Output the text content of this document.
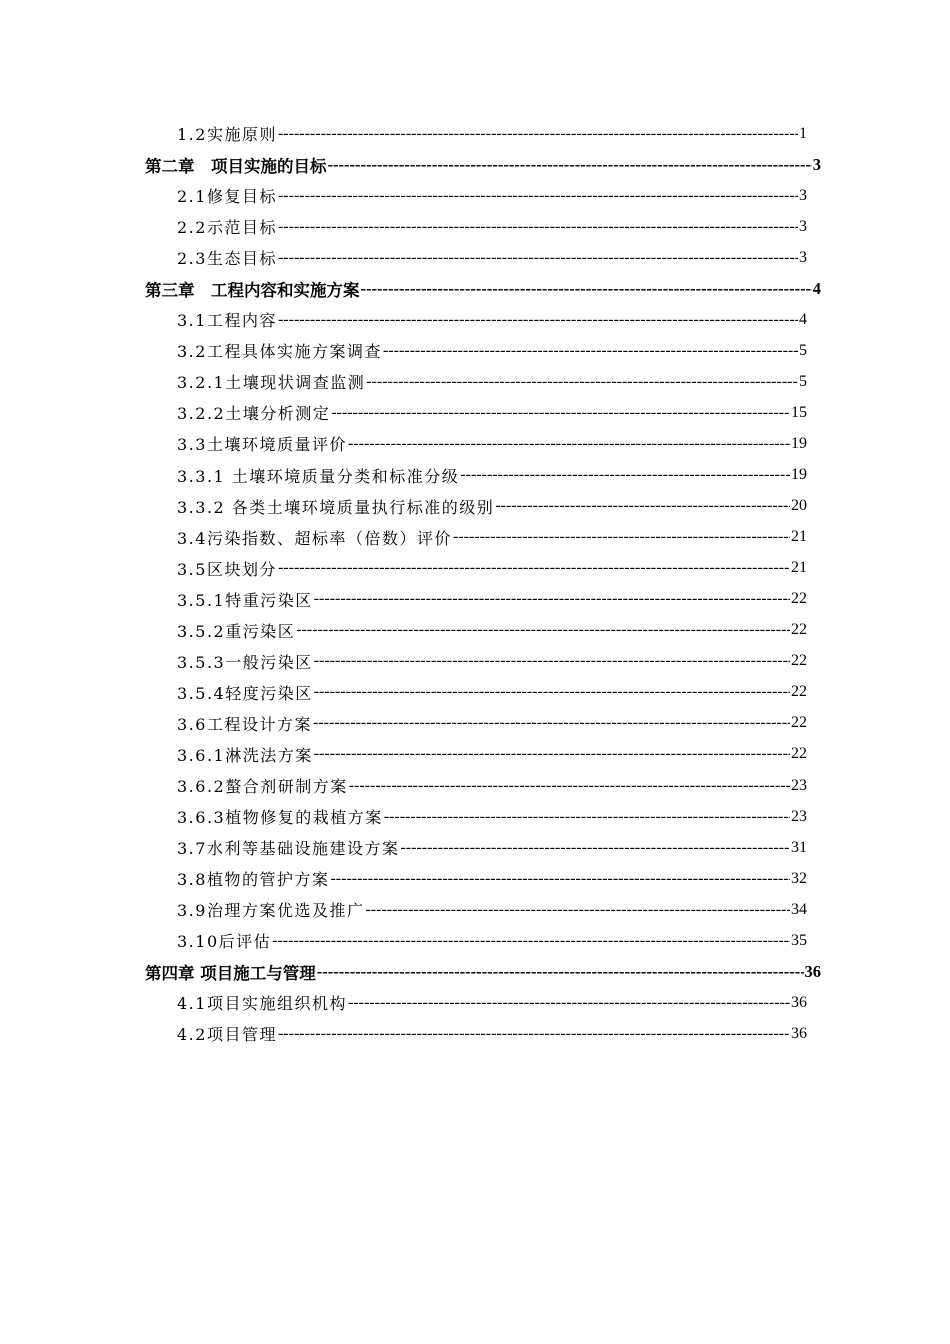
1.2实施原则 -----	1
第二章　项目实施的目标 -----	3
2.1修复目标 -----	3
2.2示范目标 -----	3
2.3生态目标 -----	3
第三章　工程内容和实施方案 -----	4
3.1工程内容 -----	4
3.2工程具体实施方案调查 -----	5
3.2.1土壤现状调查监测 -----	5
3.2.2土壤分析测定 -----	15
3.3土壤环境质量评价 -----	19
3.3.1 土壤环境质量分类和标准分级 -----	19
3.3.2 各类土壤环境质量执行标准的级别 -----	20
3.4污染指数、超标率（倍数）评价 -----	21
3.5区块划分 -----	21
3.5.1特重污染区 -----	22
3.5.2重污染区 -----	22
3.5.3一般污染区 -----	22
3.5.4轻度污染区 -----	22
3.6工程设计方案 -----	22
3.6.1淋洗法方案 -----	22
3.6.2螯合剂研制方案 -----	23
3.6.3植物修复的栽植方案 -----	23
3.7水利等基础设施建设方案 -----	31
3.8植物的管护方案 -----	32
3.9治理方案优选及推广 -----	34
3.10后评估 -----	35
第四章 项目施工与管理 -----	36
4.1项目实施组织机构 -----	36
4.2项目管理 -----	36
